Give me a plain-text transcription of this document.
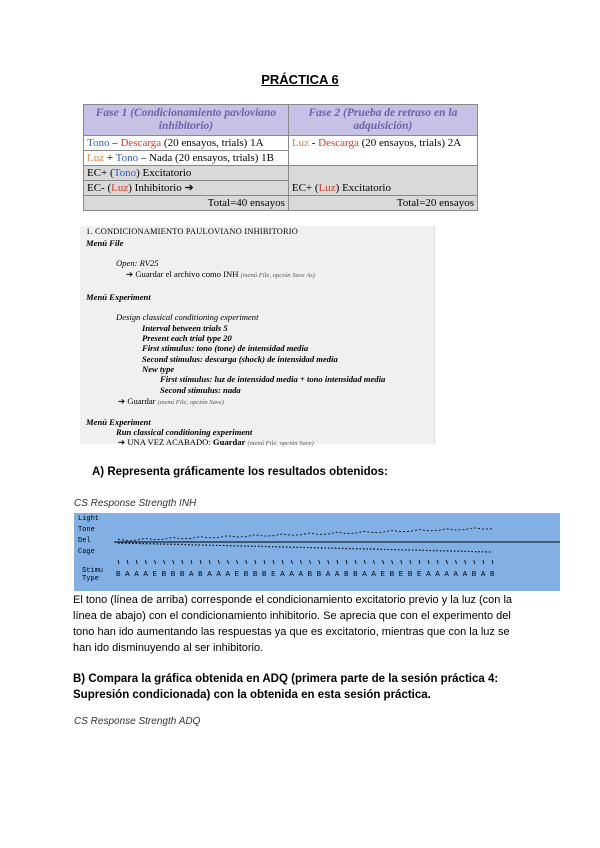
PRÁCTICA 6
Fase 1 (Condicionamiento pavloviano inhibitorio)	Fase 2 (Prueba de retraso en la adquisición)
Tono – Descarga (20 ensayos, trials) 1A	Luz - Descarga (20 ensayos, trials) 2A
Luz + Tono – Nada (20 ensayos, trials) 1B	
EC+ (Tono) Excitatorio	EC+ (Luz) Excitatorio
EC- (Luz) Inhibitorio ➔	
Total=40 ensayos	Total=20 ensayos
1. CONDICIONAMIENTO PAULOVIANO INHIBITORIO
Menú File
Open: RV25
➔ Guardar el archivo como INH (menú File, opción Save As)
Menú Experiment
Design classical conditioning experiment
Interval between trials 5
Present each trial type 20
First stimulus: tono (tone) de intensidad media
Second stimulus: descarga (shock) de intensidad media
New type
First stimulus: luz de intensidad media + tono intensidad media
Second stimulus: nada
➔ Guardar (menú File, opción Save)
Menú Experiment
Run classical conditioning experiment
➔ UNA VEZ ACABADO: Guardar (menú File, opción Save)
A) Representa gráficamente los resultados obtenidos:
CS Response Strength INH
Light
Tone
Del
Cage
Stimu
Type B A A A E B B B A B A A A E B B B E A A A B B A A B B A A E B E B E A A A A A B A B
El tono (línea de arriba) corresponde el condicionamiento excitatorio previo y la luz (con la línea de abajo) con el condicionamiento inhibitorio. Se aprecia que con el experimento del tono han ido aumentando las respuestas ya que es excitatorio, mientras que con la luz se han ido disminuyendo al ser inhibitorio.
B) Compara la gráfica obtenida en ADQ (primera parte de la sesión práctica 4: Supresión condicionada) con la obtenida en esta sesión práctica.
CS Response Strength ADQ
